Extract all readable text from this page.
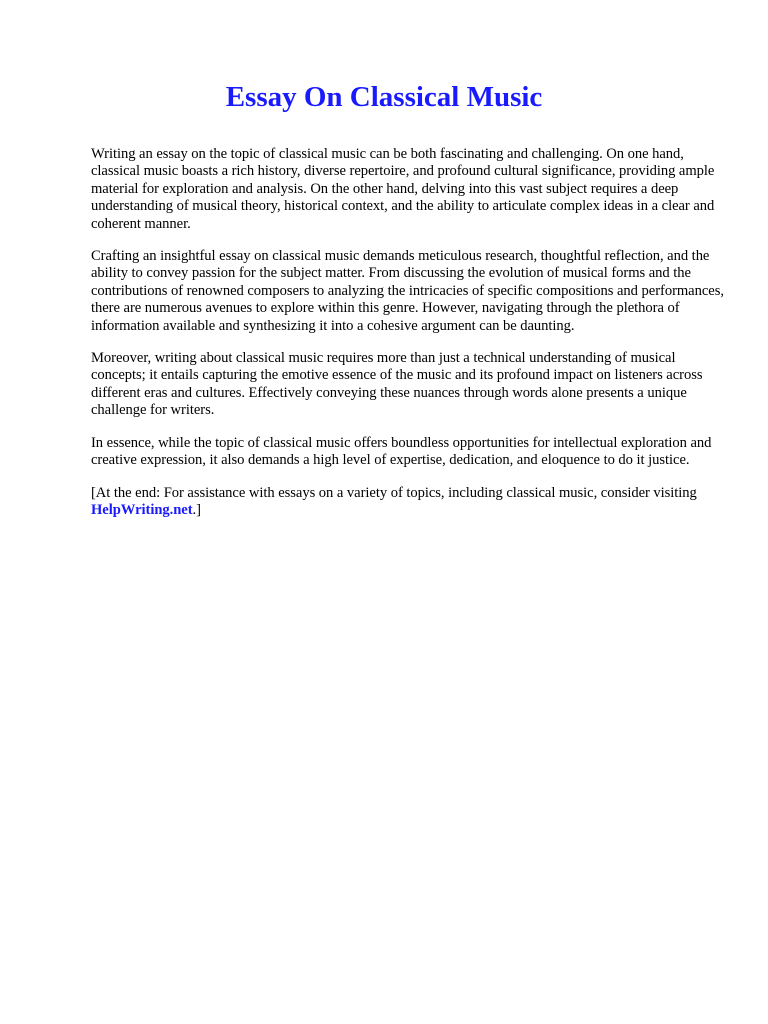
Essay On Classical Music

Writing an essay on the topic of classical music can be both fascinating and challenging. On one hand, classical music boasts a rich history, diverse repertoire, and profound cultural significance, providing ample material for exploration and analysis. On the other hand, delving into this vast subject requires a deep understanding of musical theory, historical context, and the ability to articulate complex ideas in a clear and coherent manner.

Crafting an insightful essay on classical music demands meticulous research, thoughtful reflection, and the ability to convey passion for the subject matter. From discussing the evolution of musical forms and the contributions of renowned composers to analyzing the intricacies of specific compositions and performances, there are numerous avenues to explore within this genre. However, navigating through the plethora of information available and synthesizing it into a cohesive argument can be daunting.

Moreover, writing about classical music requires more than just a technical understanding of musical concepts; it entails capturing the emotive essence of the music and its profound impact on listeners across different eras and cultures. Effectively conveying these nuances through words alone presents a unique challenge for writers.

In essence, while the topic of classical music offers boundless opportunities for intellectual exploration and creative expression, it also demands a high level of expertise, dedication, and eloquence to do it justice.

[At the end: For assistance with essays on a variety of topics, including classical music, consider visiting HelpWriting.net.]
